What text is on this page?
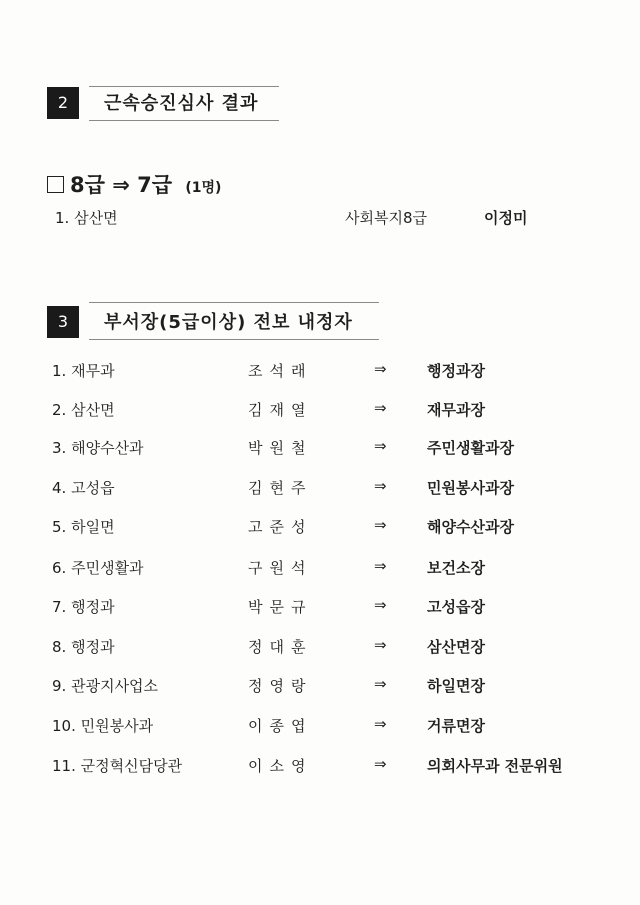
2	근속승진심사 결과
8급 ⇒ 7급 (1명)
1. 삼산면	사회복지8급	이정미
3	부서장(5급이상) 전보 내정자
1. 재무과	조석래	⇒	행정과장
2. 삼산면	김재열	⇒	재무과장
3. 해양수산과	박원철	⇒	주민생활과장
4. 고성읍	김현주	⇒	민원봉사과장
5. 하일면	고준성	⇒	해양수산과장
6. 주민생활과	구원석	⇒	보건소장
7. 행정과	박문규	⇒	고성읍장
8. 행정과	정대훈	⇒	삼산면장
9. 관광지사업소	정영랑	⇒	하일면장
10. 민원봉사과	이종엽	⇒	거류면장
11. 군정혁신담당관	이소영	⇒	의회사무과 전문위원
